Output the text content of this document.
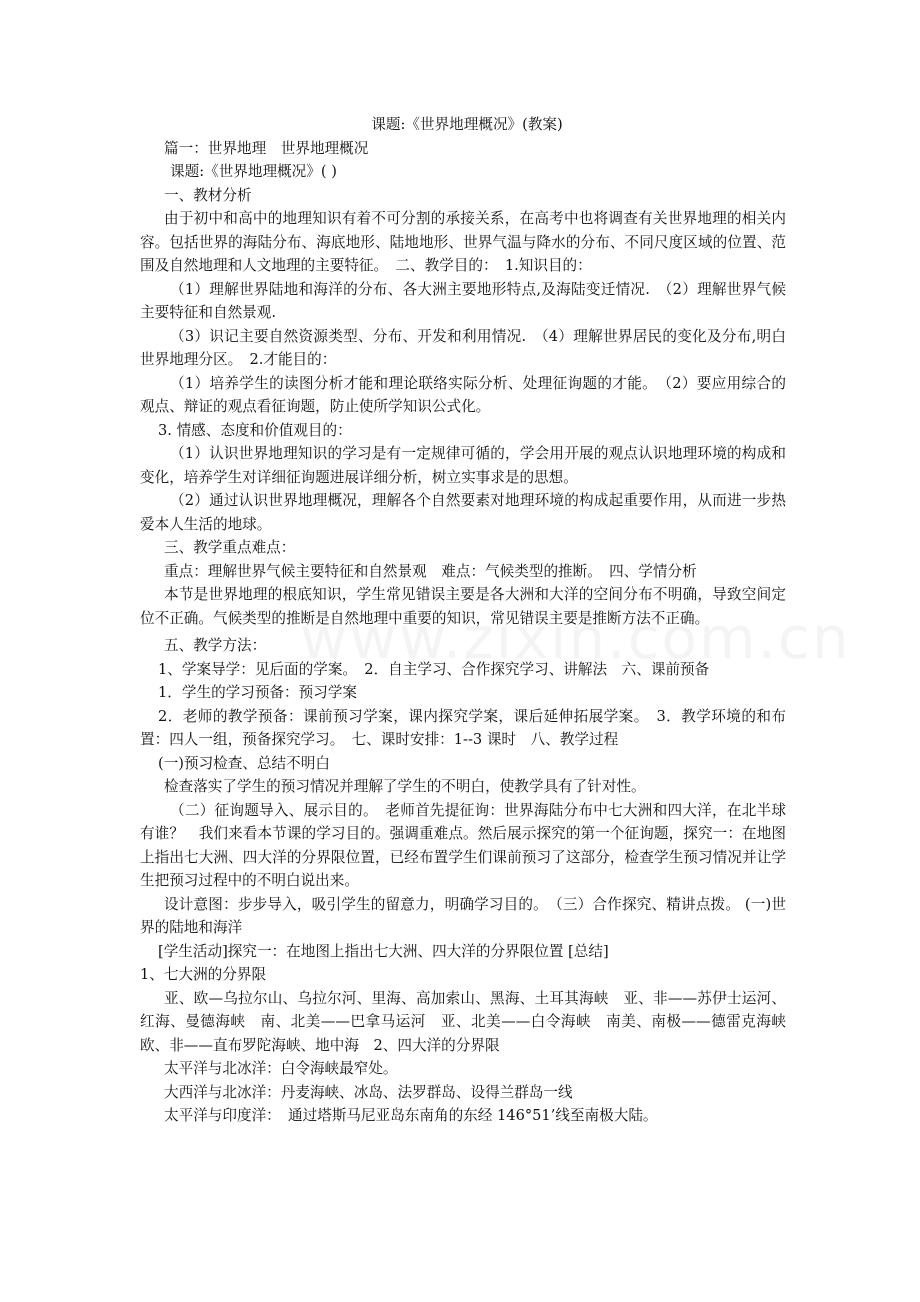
课题:《世界地理概况》(教案)

篇一：世界地理　世界地理概况

课题:《世界地理概况》( )

一、教材分析

由于初中和高中的地理知识有着不可分割的承接关系，在高考中也将调查有关世界地理的相关内容。包括世界的海陆分布、海底地形、陆地地形、世界气温与降水的分布、不同尺度区域的位置、范围及自然地理和人文地理的主要特征。　二、教学目的：　1.知识目的：

（1）理解世界陆地和海洋的分布、各大洲主要地形特点,及海陆变迁情况.　（2）理解世界气候主要特征和自然景观.

（3）识记主要自然资源类型、分布、开发和利用情况.　（4）理解世界居民的变化及分布,明白世界地理分区。　2.才能目的：

（1）培养学生的读图分析才能和理论联络实际分析、处理征询题的才能。　（2）要应用综合的观点、辩证的观点看征询题，防止使所学知识公式化。

3. 情感、态度和价值观目的：

（1）认识世界地理知识的学习是有一定规律可循的，学会用开展的观点认识地理环境的构成和变化，培养学生对详细征询题进展详细分析，树立实事求是的思想。

（2）通过认识世界地理概况，理解各个自然要素对地理环境的构成起重要作用，从而进一步热爱本人生活的地球。

三、教学重点难点：

重点：理解世界气候主要特征和自然景观　难点：气候类型的推断。　四、学情分析

本节是世界地理的根底知识，学生常见错误主要是各大洲和大洋的空间分布不明确，导致空间定位不正确。气候类型的推断是自然地理中重要的知识，常见错误主要是推断方法不正确。

五、教学方法：

1、学案导学：见后面的学案。　2．自主学习、合作探究学习、讲解法　六、课前预备

1．学生的学习预备：预习学案

2．老师的教学预备：课前预习学案，课内探究学案，课后延伸拓展学案。　3．教学环境的和布置：四人一组，预备探究学习。　七、课时安排：1--3 课时　八、教学过程

(一)预习检查、总结不明白

检查落实了学生的预习情况并理解了学生的不明白，使教学具有了针对性。

（二）征询题导入、展示目的。　老师首先提征询：世界海陆分布中七大洲和四大洋，在北半球有谁？　我们来看本节课的学习目的。强调重难点。然后展示探究的第一个征询题，探究一：在地图上指出七大洲、四大洋的分界限位置，已经布置学生们课前预习了这部分，检查学生预习情况并让学生把预习过程中的不明白说出来。

设计意图：步步导入，吸引学生的留意力，明确学习目的。　（三）合作探究、精讲点拨。 (一)世界的陆地和海洋

[学生活动]探究一：在地图上指出七大洲、四大洋的分界限位置 [总结]

1、七大洲的分界限

亚、欧—乌拉尔山、乌拉尔河、里海、高加索山、黑海、土耳其海峡　亚、非——苏伊士运河、红海、曼德海峡　南、北美——巴拿马运河　亚、北美——白令海峡　南美、南极——德雷克海峡　欧、非——直布罗陀海峡、地中海　2、四大洋的分界限

太平洋与北冰洋：白令海峡最窄处。

大西洋与北冰洋：丹麦海峡、冰岛、法罗群岛、设得兰群岛一线

太平洋与印度洋：　通过塔斯马尼亚岛东南角的东经 146°51’线至南极大陆。
